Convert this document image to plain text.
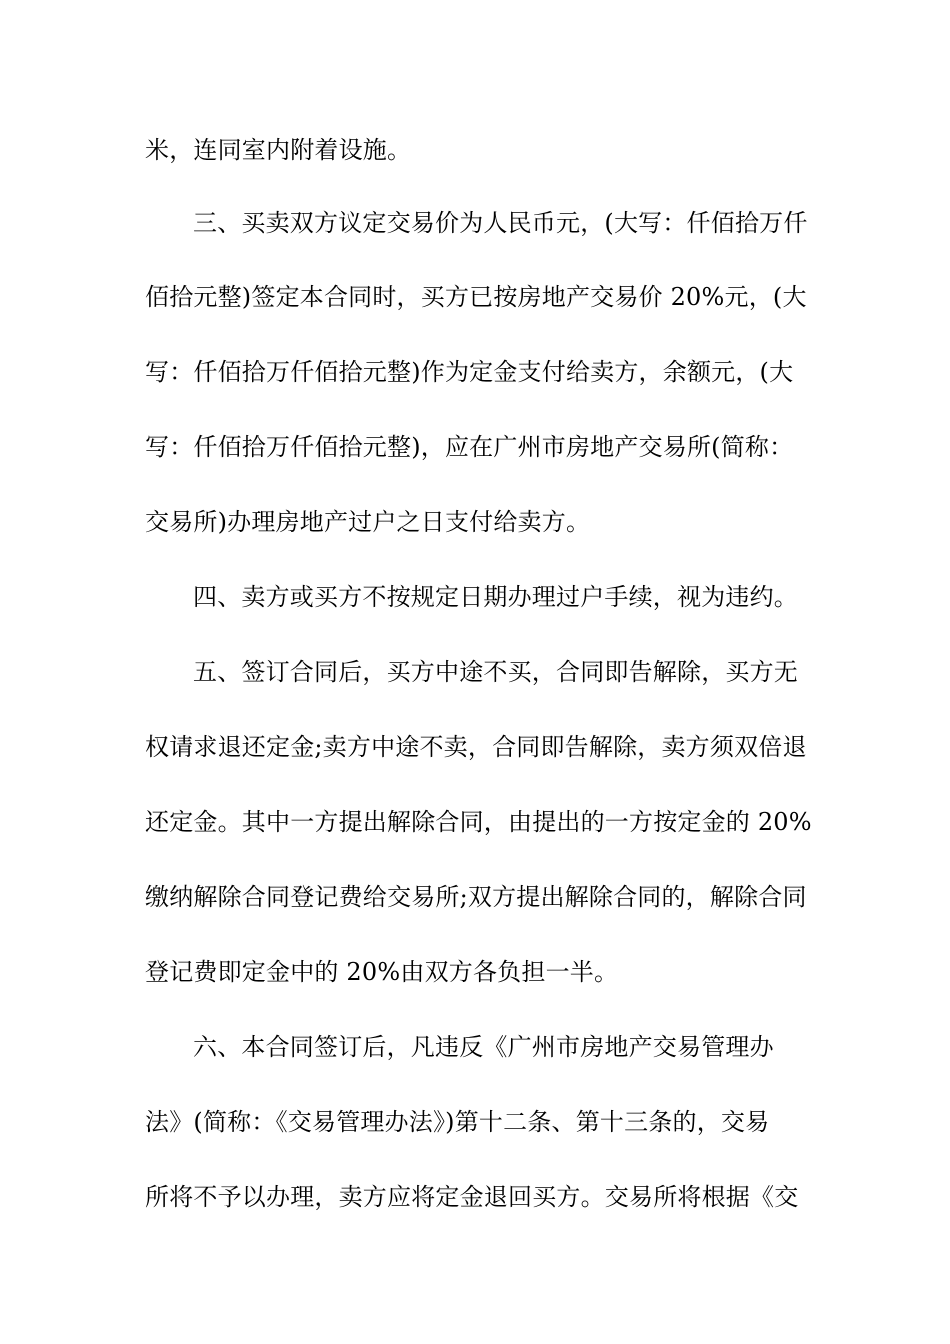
米，连同室内附着设施。
三、买卖双方议定交易价为人民币元，(大写：仟佰拾万仟
佰拾元整)签定本合同时，买方已按房地产交易价 20%元，(大
写：仟佰拾万仟佰拾元整)作为定金支付给卖方，余额元，(大
写：仟佰拾万仟佰拾元整)，应在广州市房地产交易所(简称：
交易所)办理房地产过户之日支付给卖方。
四、卖方或买方不按规定日期办理过户手续，视为违约。
五、签订合同后，买方中途不买，合同即告解除，买方无
权请求退还定金;卖方中途不卖，合同即告解除，卖方须双倍退
还定金。其中一方提出解除合同，由提出的一方按定金的 20%
缴纳解除合同登记费给交易所;双方提出解除合同的，解除合同
登记费即定金中的 20%由双方各负担一半。
六、本合同签订后，凡违反《广州市房地产交易管理办
法》(简称：《交易管理办法》)第十二条、第十三条的，交易
所将不予以办理，卖方应将定金退回买方。交易所将根据《交
